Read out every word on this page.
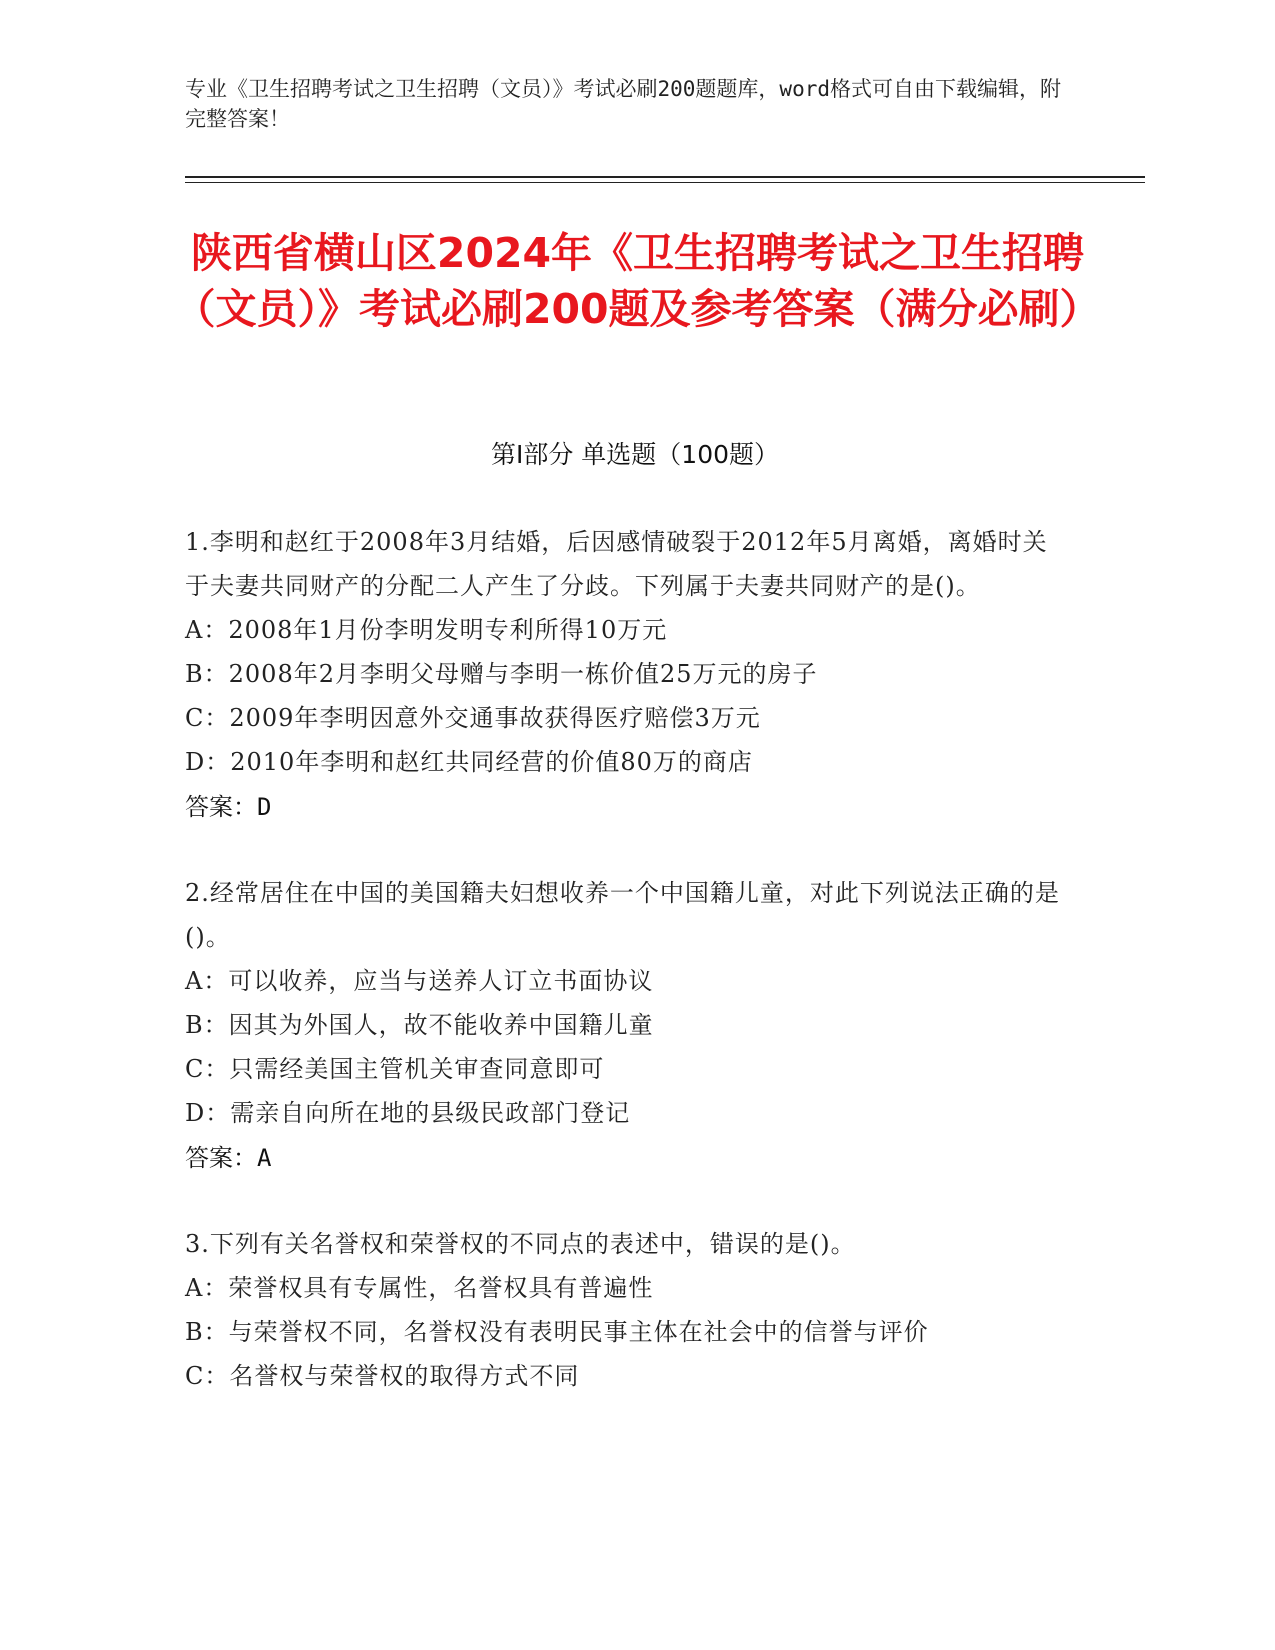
专业《卫生招聘考试之卫生招聘（文员）》考试必刷200题题库，word格式可自由下载编辑，附完整答案！
陕西省横山区2024年《卫生招聘考试之卫生招聘（文员）》考试必刷200题及参考答案（满分必刷）
第Ⅰ部分 单选题（100题）
1.李明和赵红于2008年3月结婚，后因感情破裂于2012年5月离婚，离婚时关于夫妻共同财产的分配二人产生了分歧。下列属于夫妻共同财产的是()。
A：2008年1月份李明发明专利所得10万元
B：2008年2月李明父母赠与李明一栋价值25万元的房子
C：2009年李明因意外交通事故获得医疗赔偿3万元
D：2010年李明和赵红共同经营的价值80万的商店
答案：D
2.经常居住在中国的美国籍夫妇想收养一个中国籍儿童，对此下列说法正确的是()。
A：可以收养，应当与送养人订立书面协议
B：因其为外国人，故不能收养中国籍儿童
C：只需经美国主管机关审查同意即可
D：需亲自向所在地的县级民政部门登记
答案：A
3.下列有关名誉权和荣誉权的不同点的表述中，错误的是()。
A：荣誉权具有专属性，名誉权具有普遍性
B：与荣誉权不同，名誉权没有表明民事主体在社会中的信誉与评价
C：名誉权与荣誉权的取得方式不同
